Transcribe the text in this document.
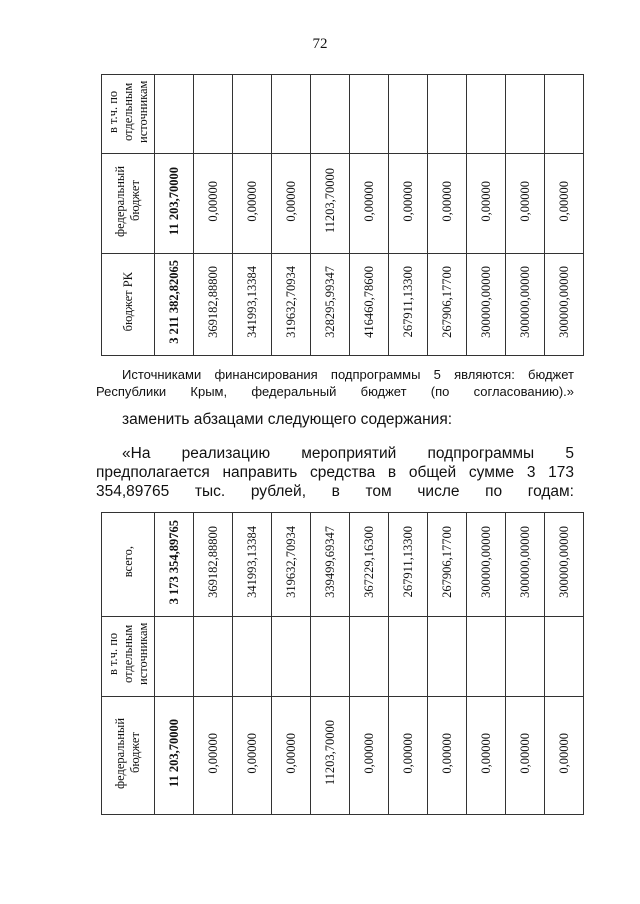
72
в т.ч. по отдельным источникам											
федеральный бюджет	11 203,70000	0,00000	0,00000	0,00000	11203,70000	0,00000	0,00000	0,00000	0,00000	0,00000	0,00000
бюджет РК	3 211 382,82065	369182,88800	341993,13384	319632,70934	328295,99347	416460,78600	267911,13300	267906,17700	300000,00000	300000,00000	300000,00000
Источниками финансирования подпрограммы 5 являются: бюджет Республики Крым, федеральный бюджет (по согласованию).»
заменить абзацами следующего содержания:
«На реализацию мероприятий подпрограммы 5 предполагается направить средства в общей сумме 3 173 354,89765 тыс. рублей, в том числе по годам:
всего,	3 173 354,89765	369182,88800	341993,13384	319632,70934	339499,69347	367229,16300	267911,13300	267906,17700	300000,00000	300000,00000	300000,00000
в т.ч. по отдельным источникам											
федеральный бюджет	11 203,70000	0,00000	0,00000	0,00000	11203,70000	0,00000	0,00000	0,00000	0,00000	0,00000	0,00000
